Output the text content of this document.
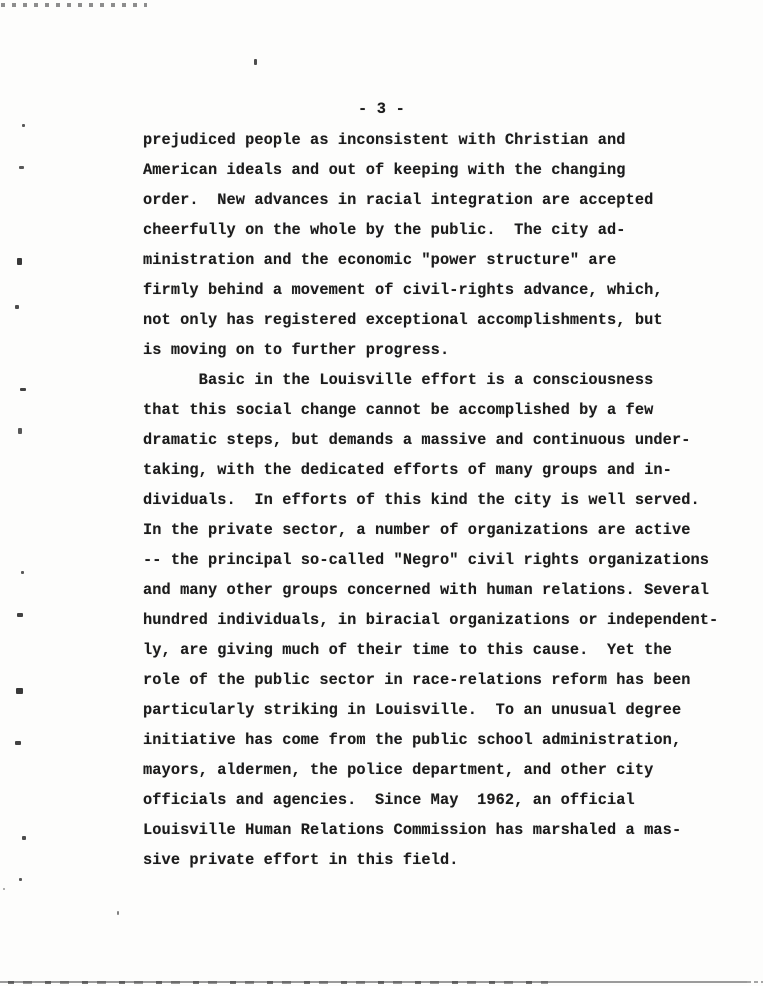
- 3 -
prejudiced people as inconsistent with Christian and
American ideals and out of keeping with the changing
order.  New advances in racial integration are accepted
cheerfully on the whole by the public.  The city ad-
ministration and the economic "power structure" are
firmly behind a movement of civil-rights advance, which,
not only has registered exceptional accomplishments, but
is moving on to further progress.
Basic in the Louisville effort is a consciousness
that this social change cannot be accomplished by a few
dramatic steps, but demands a massive and continuous under-
taking, with the dedicated efforts of many groups and in-
dividuals.  In efforts of this kind the city is well served.
In the private sector, a number of organizations are active
-- the principal so-called "Negro" civil rights organizations
and many other groups concerned with human relations. Several
hundred individuals, in biracial organizations or independent-
ly, are giving much of their time to this cause.  Yet the
role of the public sector in race-relations reform has been
particularly striking in Louisville.  To an unusual degree
initiative has come from the public school administration,
mayors, aldermen, the police department, and other city
officials and agencies.  Since May  1962, an official
Louisville Human Relations Commission has marshaled a mas-
sive private effort in this field.
